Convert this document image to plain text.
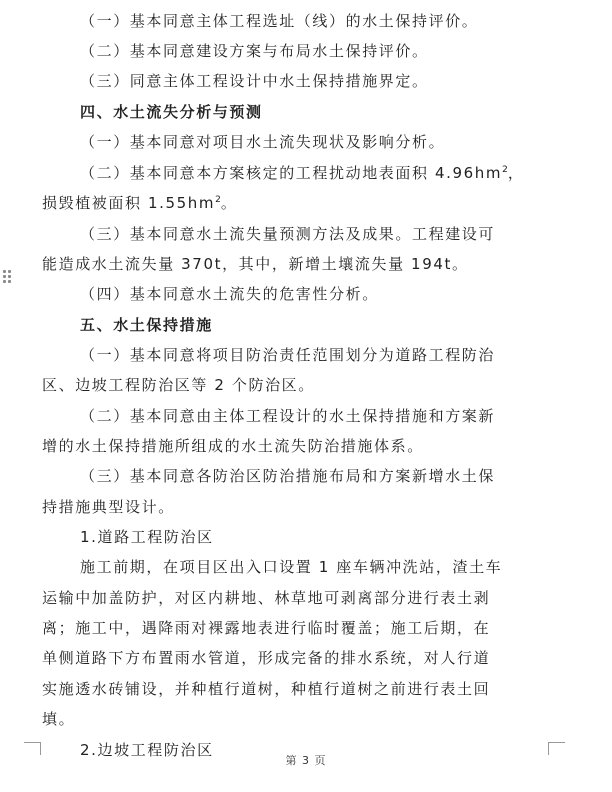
（一）基本同意主体工程选址（线）的水土保持评价。
（二）基本同意建设方案与布局水土保持评价。
（三）同意主体工程设计中水土保持措施界定。
四、水土流失分析与预测
（一）基本同意对项目水土流失现状及影响分析。
（二）基本同意本方案核定的工程扰动地表面积 $4.96hm^2$，
损毁植被面积 $1.55hm^2$。
（三）基本同意水土流失量预测方法及成果。工程建设可
能造成水土流失量 370t，其中，新增土壤流失量 194t。
（四）基本同意水土流失的危害性分析。
五、水土保持措施
（一）基本同意将项目防治责任范围划分为道路工程防治
区、边坡工程防治区等 2 个防治区。
（二）基本同意由主体工程设计的水土保持措施和方案新
增的水土保持措施所组成的水土流失防治措施体系。
（三）基本同意各防治区防治措施布局和方案新增水土保
持措施典型设计。
1.道路工程防治区
施工前期，在项目区出入口设置 1 座车辆冲洗站，渣土车
运输中加盖防护，对区内耕地、林草地可剥离部分进行表土剥
离；施工中，遇降雨对裸露地表进行临时覆盖；施工后期，在
单侧道路下方布置雨水管道，形成完备的排水系统，对人行道
实施透水砖铺设，并种植行道树，种植行道树之前进行表土回
填。
2.边坡工程防治区
第 3 页
